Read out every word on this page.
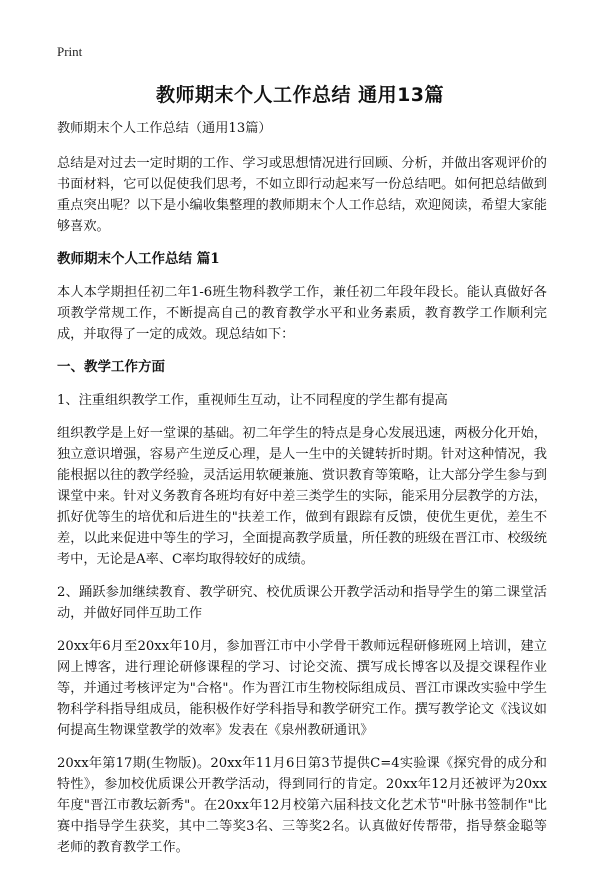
Print
教师期末个人工作总结 通用13篇

教师期末个人工作总结（通用13篇）

总结是对过去一定时期的工作、学习或思想情况进行回顾、分析，并做出客观评价的书面材料，它可以促使我们思考，不如立即行动起来写一份总结吧。如何把总结做到重点突出呢？以下是小编收集整理的教师期末个人工作总结，欢迎阅读，希望大家能够喜欢。

教师期末个人工作总结 篇1

本人本学期担任初二年1-6班生物科教学工作，兼任初二年段年段长。能认真做好各项教学常规工作，不断提高自己的教育教学水平和业务素质，教育教学工作顺利完成，并取得了一定的成效。现总结如下：

一、教学工作方面

1、注重组织教学工作，重视师生互动，让不同程度的学生都有提高

组织教学是上好一堂课的基础。初二年学生的特点是身心发展迅速，两极分化开始，独立意识增强，容易产生逆反心理，是人一生中的关键转折时期。针对这种情况，我能根据以往的教学经验，灵活运用软硬兼施、赏识教育等策略，让大部分学生参与到课堂中来。针对义务教育各班均有好中差三类学生的实际，能采用分层教学的方法，抓好优等生的培优和后进生的"扶差工作，做到有跟踪有反馈，使优生更优，差生不差，以此来促进中等生的学习，全面提高教学质量，所任教的班级在晋江市、校级统考中，无论是A率、C率均取得较好的成绩。

2、踊跃参加继续教育、教学研究、校优质课公开教学活动和指导学生的第二课堂活动，并做好同伴互助工作

20xx年6月至20xx年10月，参加晋江市中小学骨干教师远程研修班网上培训，建立网上博客，进行理论研修课程的学习、讨论交流、撰写成长博客以及提交课程作业等，并通过考核评定为"合格"。作为晋江市生物校际组成员、晋江市课改实验中学生物科学科指导组成员，能积极作好学科指导和教学研究工作。撰写教学论文《浅议如何提高生物课堂教学的效率》发表在《泉州教研通讯》

20xx年第17期(生物版)。20xx年11月6日第3节提供C=4实验课《探究骨的成分和特性》，参加校优质课公开教学活动，得到同行的肯定。20xx年12月还被评为20xx年度"晋江市教坛新秀"。在20xx年12月校第六届科技文化艺术节"叶脉书签制作"比赛中指导学生获奖，其中二等奖3名、三等奖2名。认真做好传帮带，指导蔡金聪等老师的教育教学工作。
